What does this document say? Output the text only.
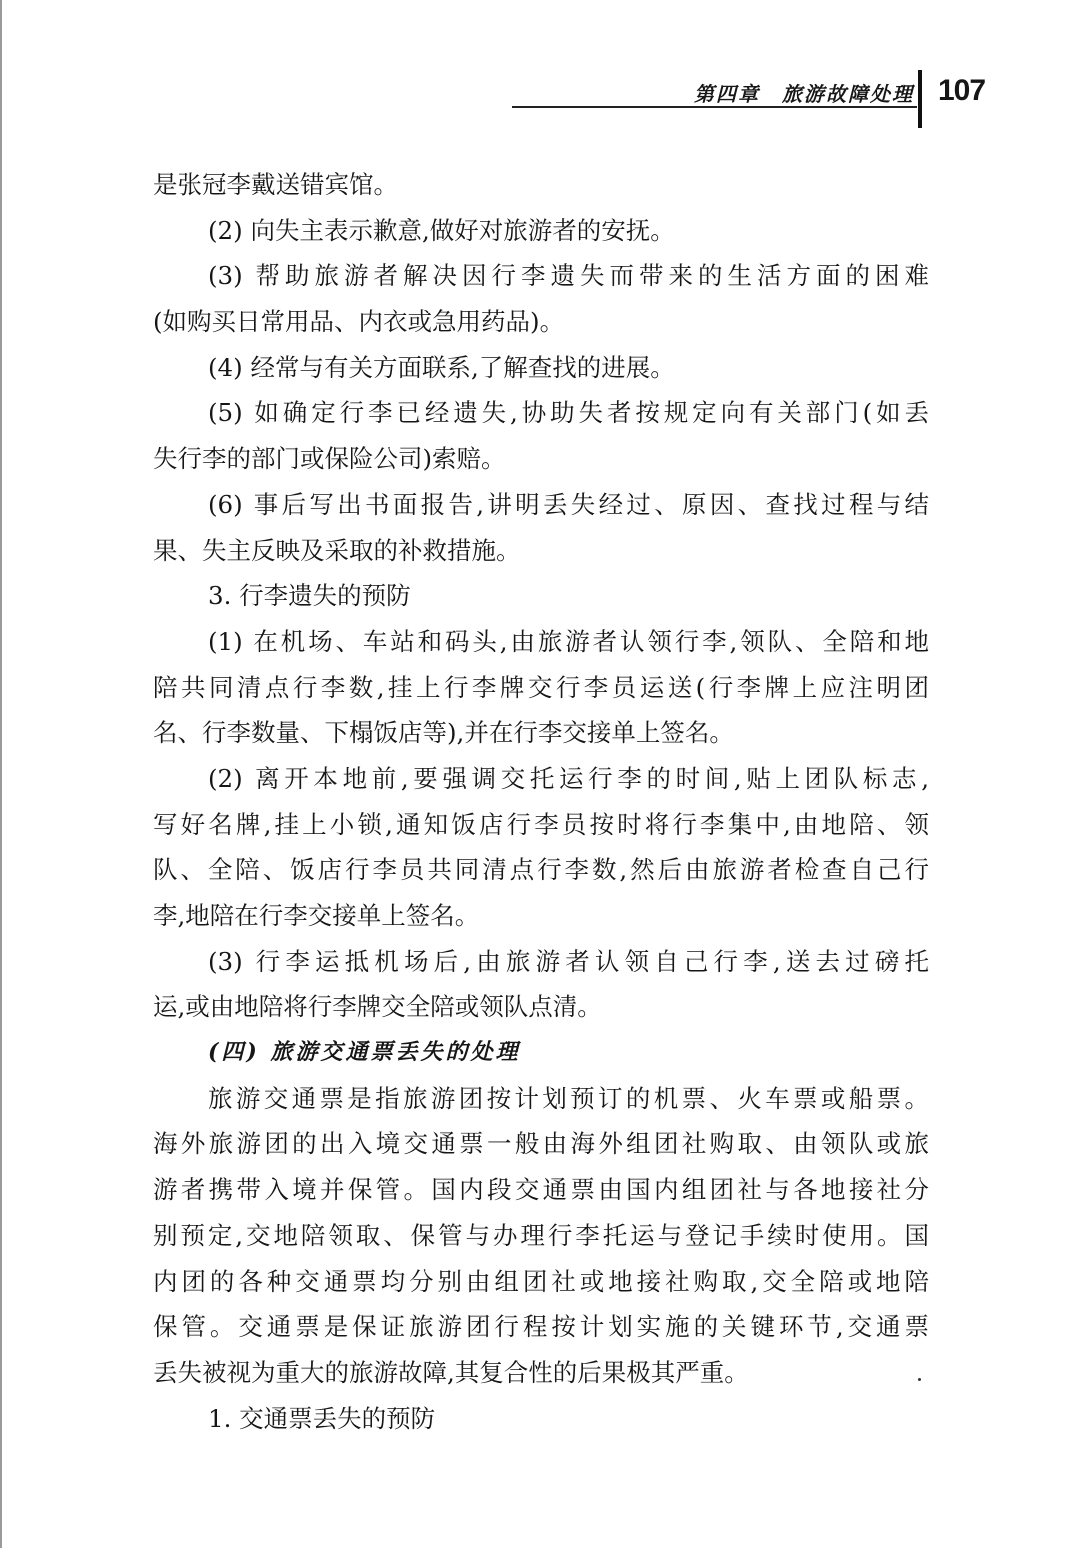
第四章　旅游故障处理 107
是张冠李戴送错宾馆。
(2) 向失主表示歉意,做好对旅游者的安抚。
(3) 帮助旅游者解决因行李遗失而带来的生活方面的困难
(如购买日常用品、内衣或急用药品)。
(4) 经常与有关方面联系,了解查找的进展。
(5) 如确定行李已经遗失,协助失者按规定向有关部门(如丢
失行李的部门或保险公司)索赔。
(6) 事后写出书面报告,讲明丢失经过、原因、查找过程与结
果、失主反映及采取的补救措施。
3. 行李遗失的预防
(1) 在机场、车站和码头,由旅游者认领行李,领队、全陪和地
陪共同清点行李数,挂上行李牌交行李员运送(行李牌上应注明团
名、行李数量、下榻饭店等),并在行李交接单上签名。
(2) 离开本地前,要强调交托运行李的时间,贴上团队标志,
写好名牌,挂上小锁,通知饭店行李员按时将行李集中,由地陪、领
队、全陪、饭店行李员共同清点行李数,然后由旅游者检查自己行
李,地陪在行李交接单上签名。
(3) 行李运抵机场后,由旅游者认领自己行李,送去过磅托
运,或由地陪将行李牌交全陪或领队点清。
(四) 旅游交通票丢失的处理
旅游交通票是指旅游团按计划预订的机票、火车票或船票。
海外旅游团的出入境交通票一般由海外组团社购取、由领队或旅
游者携带入境并保管。国内段交通票由国内组团社与各地接社分
别预定,交地陪领取、保管与办理行李托运与登记手续时使用。国
内团的各种交通票均分别由组团社或地接社购取,交全陪或地陪
保管。交通票是保证旅游团行程按计划实施的关键环节,交通票
丢失被视为重大的旅游故障,其复合性的后果极其严重。
1. 交通票丢失的预防
